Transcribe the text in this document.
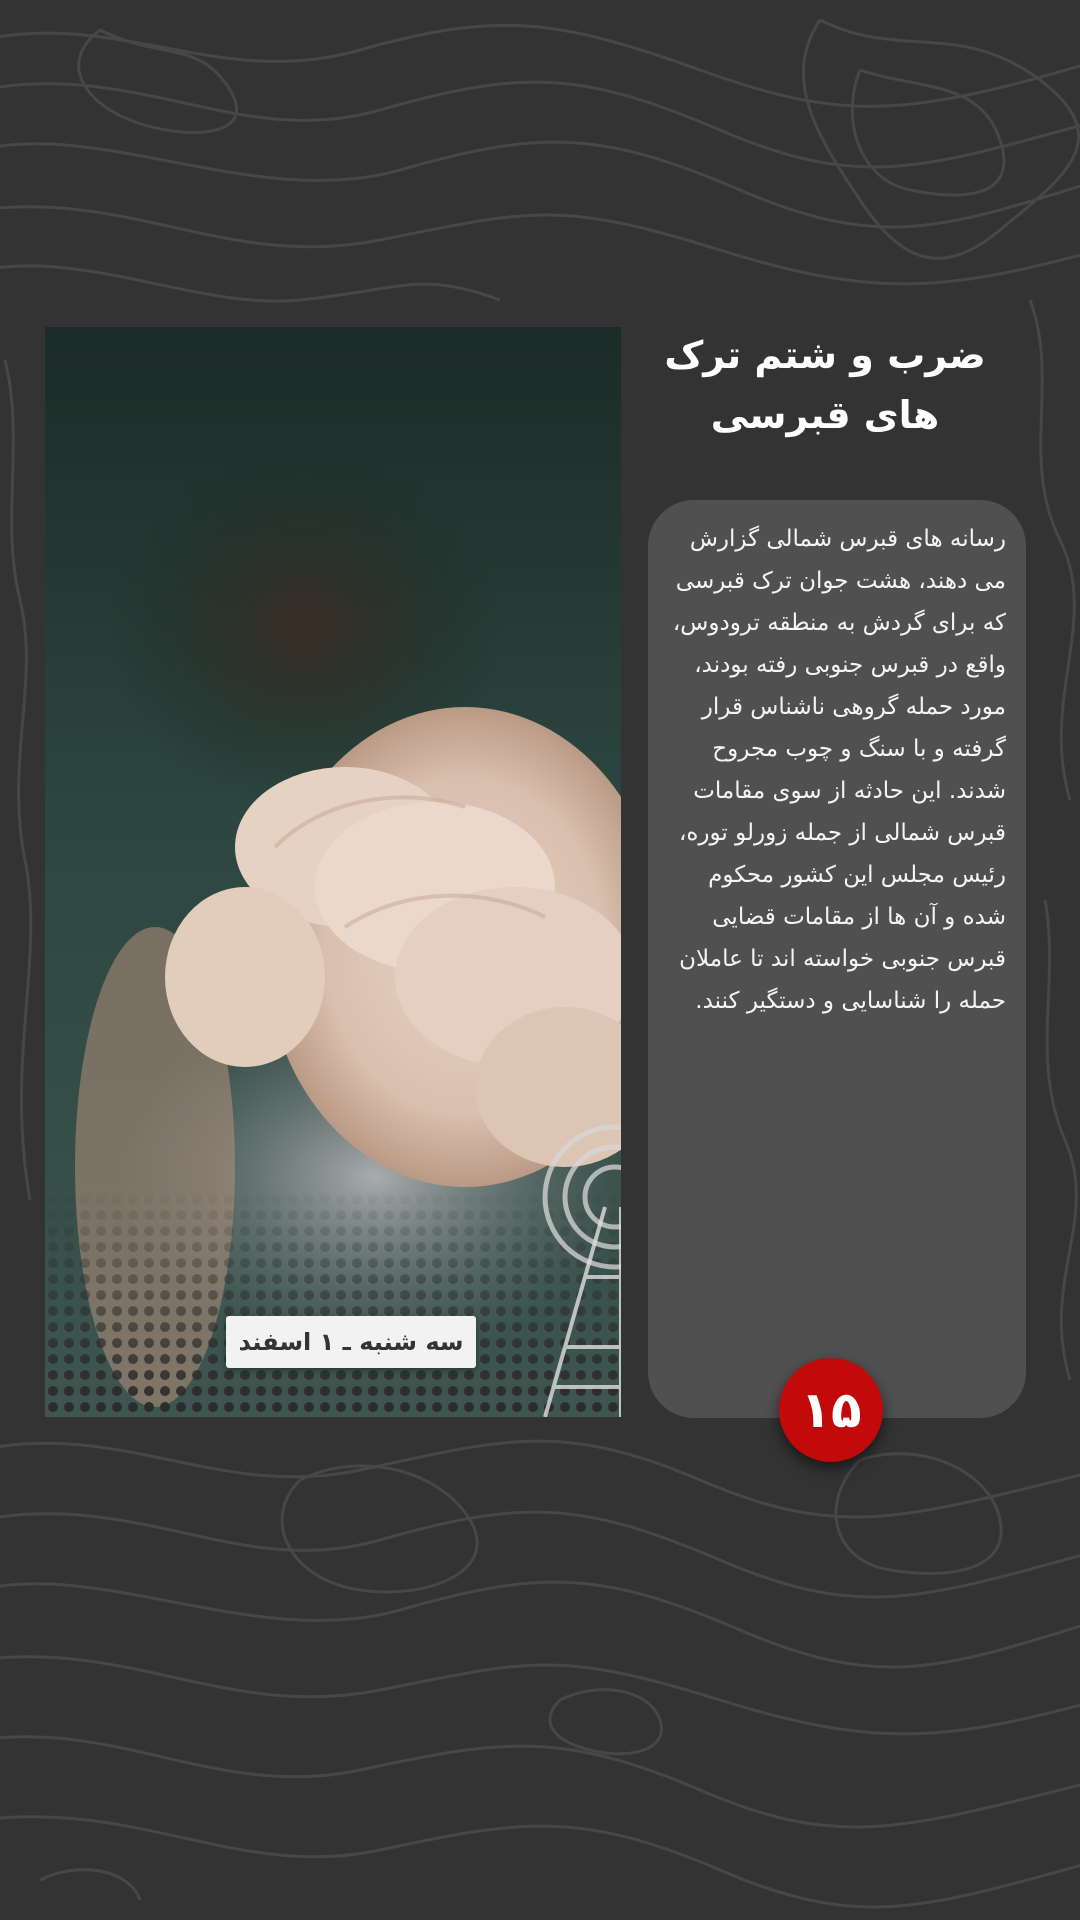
ضرب و شتم ترک های قبرسی

رسانه های قبرس شمالی گزارش می دهند، هشت جوان ترک قبرسی که برای گردش به منطقه ترودوس، واقع در قبرس جنوبی رفته بودند، مورد حمله گروهی ناشناس قرار گرفته و با سنگ و چوب مجروح شدند. این حادثه از سوی مقامات قبرس شمالی از جمله زورلو توره، رئیس مجلس این کشور محکوم شده و آن ها از مقامات قضایی قبرس جنوبی خواسته اند تا عاملان حمله را شناسایی و دستگیر کنند.

سه شنبه ـ ۱ اسفند
۱۵
